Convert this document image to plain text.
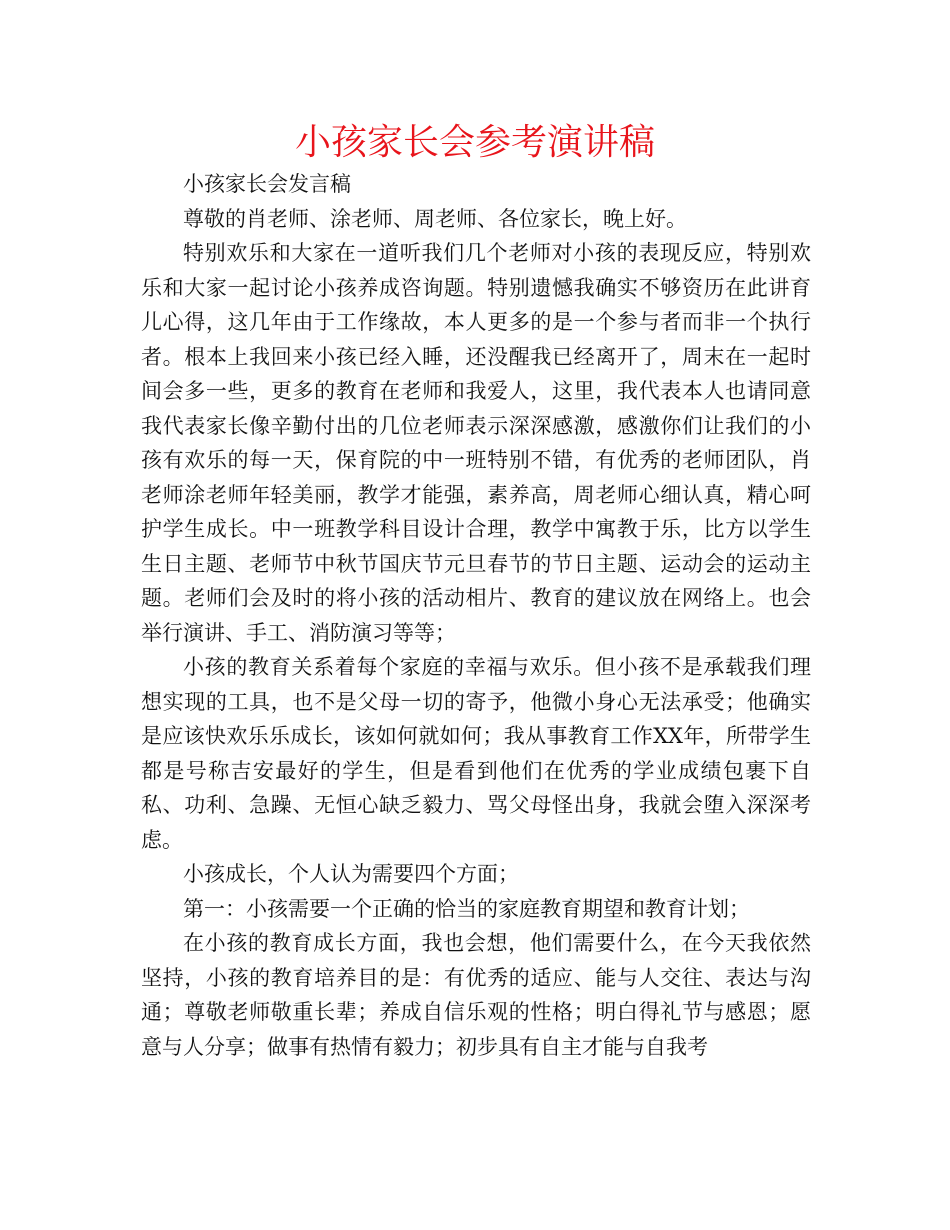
小孩家长会参考演讲稿

小孩家长会发言稿

尊敬的肖老师、涂老师、周老师、各位家长，晚上好。

特别欢乐和大家在一道听我们几个老师对小孩的表现反应，特别欢乐和大家一起讨论小孩养成咨询题。特别遗憾我确实不够资历在此讲育儿心得，这几年由于工作缘故，本人更多的是一个参与者而非一个执行者。根本上我回来小孩已经入睡，还没醒我已经离开了，周末在一起时间会多一些，更多的教育在老师和我爱人，这里，我代表本人也请同意我代表家长像辛勤付出的几位老师表示深深感激，感激你们让我们的小孩有欢乐的每一天，保育院的中一班特别不错，有优秀的老师团队，肖老师涂老师年轻美丽，教学才能强，素养高，周老师心细认真，精心呵护学生成长。中一班教学科目设计合理，教学中寓教于乐，比方以学生生日主题、老师节中秋节国庆节元旦春节的节日主题、运动会的运动主题。老师们会及时的将小孩的活动相片、教育的建议放在网络上。也会举行演讲、手工、消防演习等等；

小孩的教育关系着每个家庭的幸福与欢乐。但小孩不是承载我们理想实现的工具，也不是父母一切的寄予，他微小身心无法承受；他确实是应该快欢乐乐成长，该如何就如何；我从事教育工作XX年，所带学生都是号称吉安最好的学生，但是看到他们在优秀的学业成绩包裹下自私、功利、急躁、无恒心缺乏毅力、骂父母怪出身，我就会堕入深深考虑。

小孩成长，个人认为需要四个方面；

第一：小孩需要一个正确的恰当的家庭教育期望和教育计划；

在小孩的教育成长方面，我也会想，他们需要什么，在今天我依然坚持，小孩的教育培养目的是：有优秀的适应、能与人交往、表达与沟通；尊敬老师敬重长辈；养成自信乐观的性格；明白得礼节与感恩；愿意与人分享；做事有热情有毅力；初步具有自主才能与自我考
